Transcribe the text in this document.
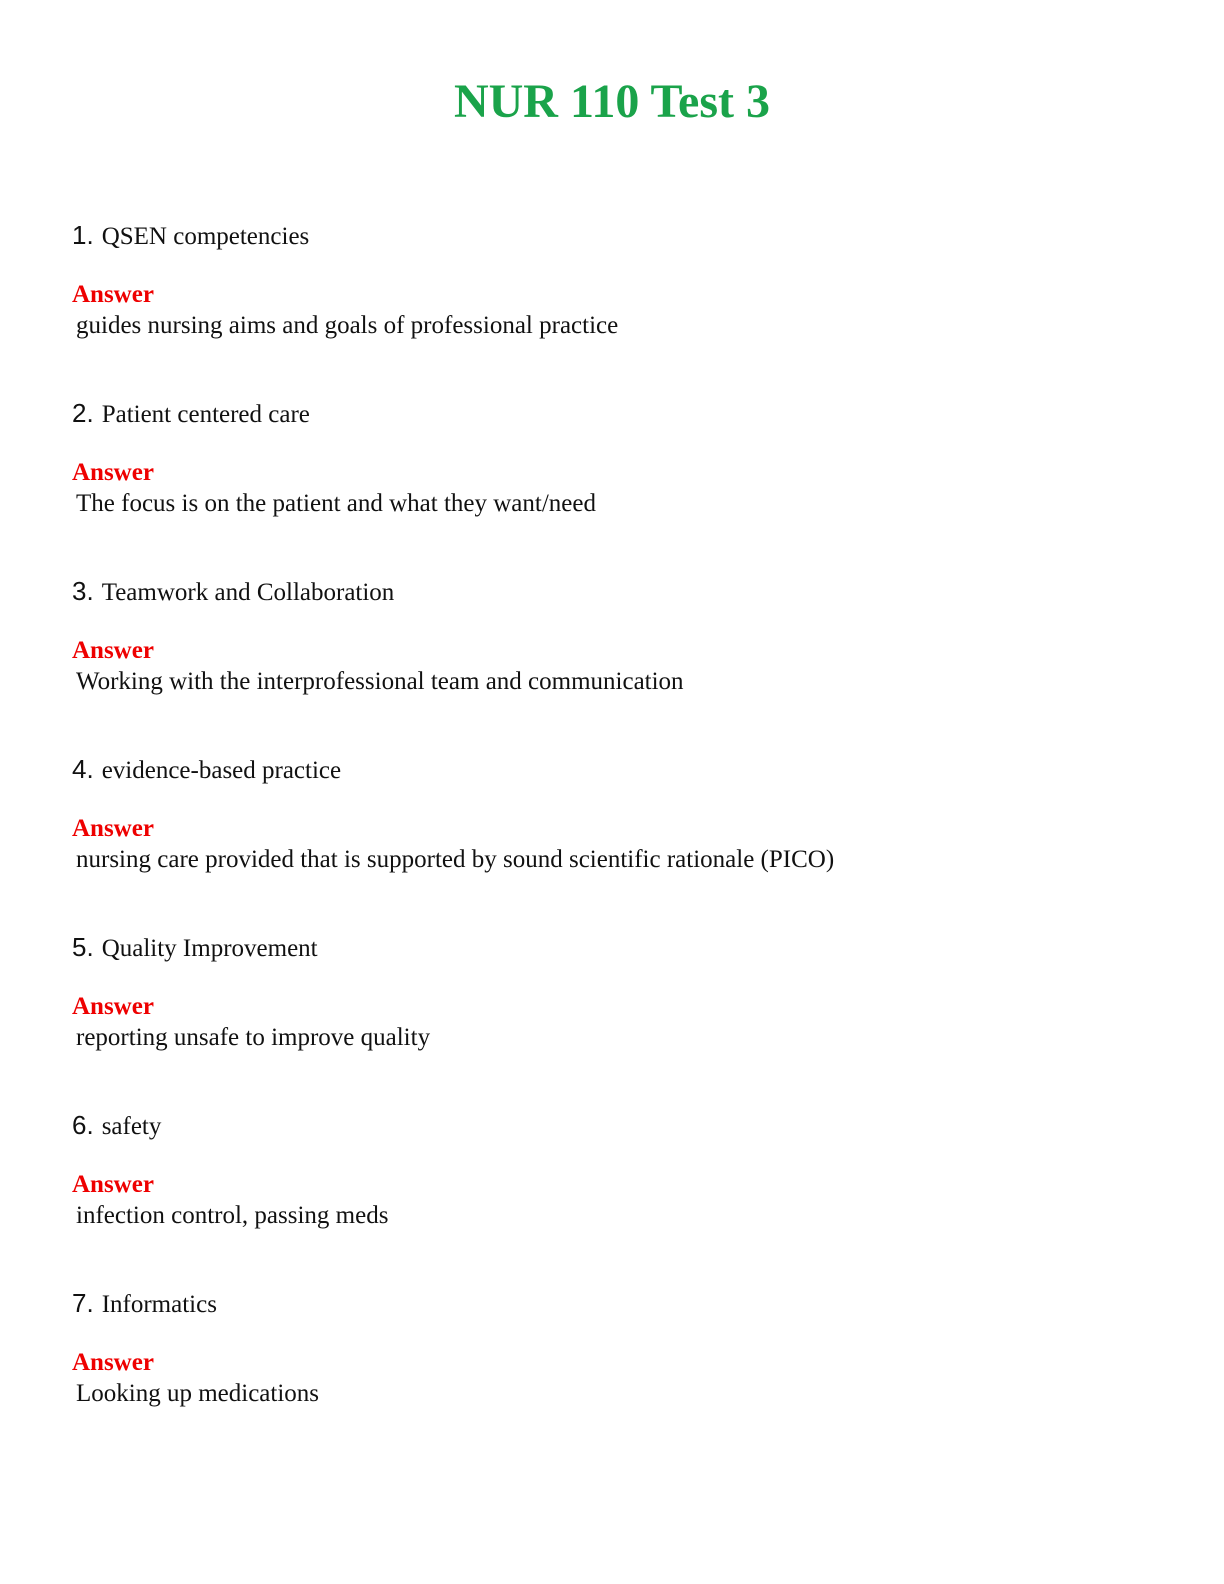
NUR 110 Test 3
1. QSEN competencies
Answer
guides nursing aims and goals of professional practice
2. Patient centered care
Answer
The focus is on the patient and what they want/need
3. Teamwork and Collaboration
Answer
Working with the interprofessional team and communication
4. evidence-based practice
Answer
nursing care provided that is supported by sound scientific rationale (PICO)
5. Quality Improvement
Answer
reporting unsafe to improve quality
6. safety
Answer
infection control, passing meds
7. Informatics
Answer
Looking up medications
